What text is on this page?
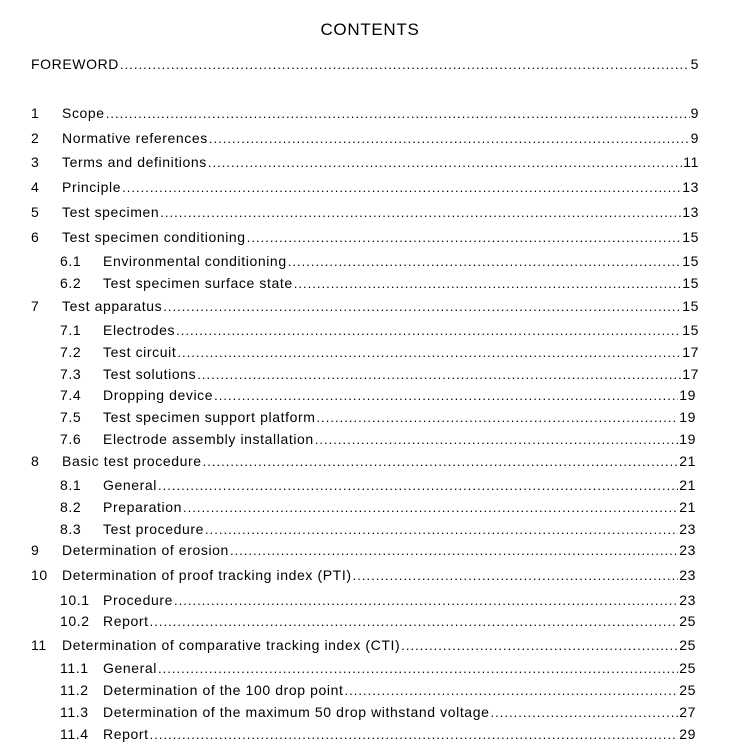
CONTENTS
FOREWORD . . .	5
1	Scope . . .	9
2	Normative references . . .	9
3	Terms and definitions . . .	11
4	Principle . . .	13
5	Test specimen . . .	13
6	Test specimen conditioning . . .	15
6.1	Environmental conditioning . . .	15
6.2	Test specimen surface state . . .	15
7	Test apparatus . . .	15
7.1	Electrodes . . .	15
7.2	Test circuit . . .	17
7.3	Test solutions . . .	17
7.4	Dropping device . . .	19
7.5	Test specimen support platform . . .	19
7.6	Electrode assembly installation . . .	19
8	Basic test procedure . . .	21
8.1	General . . .	21
8.2	Preparation . . .	21
8.3	Test procedure . . .	23
9	Determination of erosion . . .	23
10	Determination of proof tracking index (PTI) . . .	23
10.1 Procedure . . .	23
10.2 Report . . .	25
11	Determination of comparative tracking index (CTI) . . .	25
11.1	General . . .	25
11.2	Determination of the 100 drop point . . .	25
11.3	Determination of the maximum 50 drop withstand voltage . . .	27
11.4	Report . . .	29
